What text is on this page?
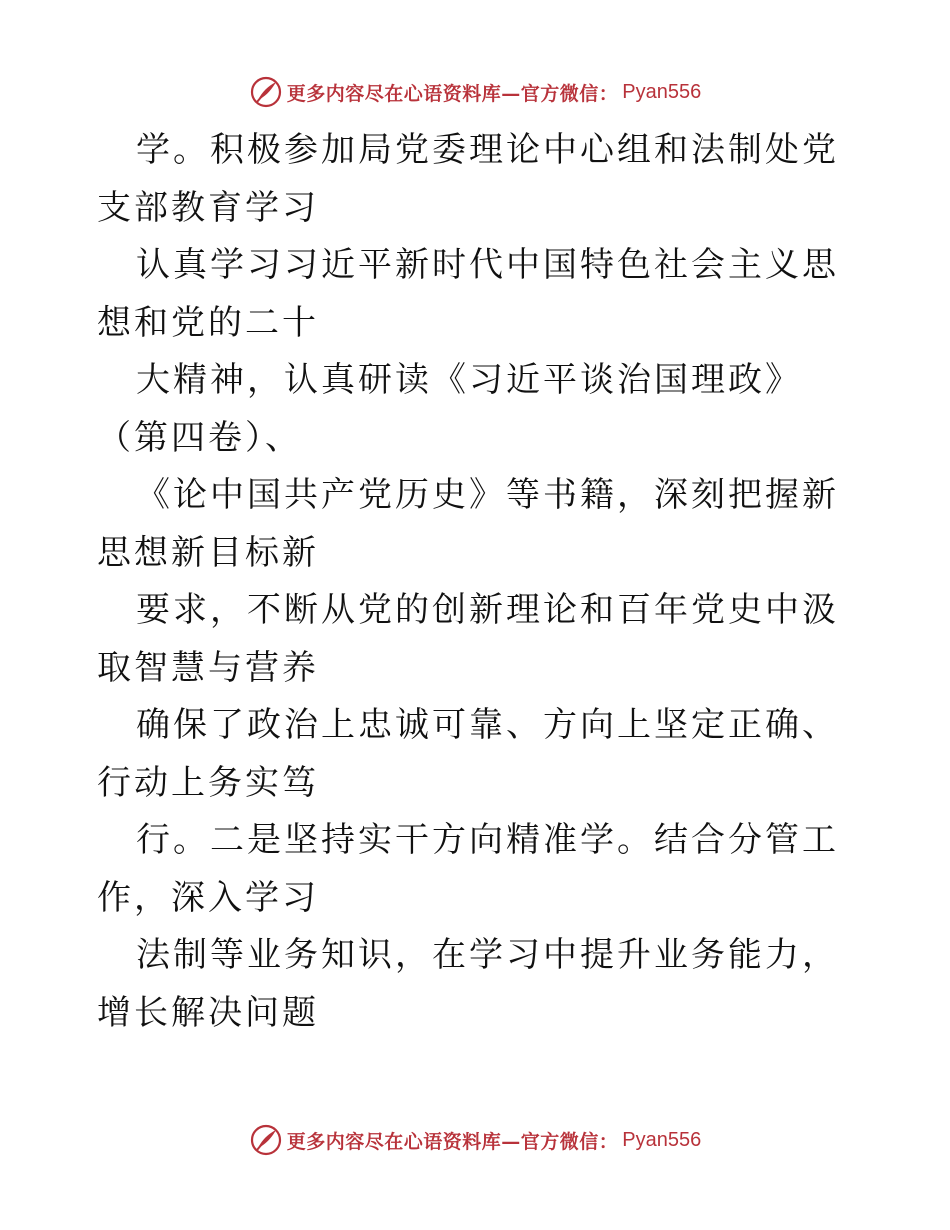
更多内容尽在心语资料库—官方微信： Pyan556

学。积极参加局党委理论中心组和法制处党支部教育学习

认真学习习近平新时代中国特色社会主义思想和党的二十

大精神，认真研读《习近平谈治国理政》（第四卷）、

《论中国共产党历史》等书籍，深刻把握新思想新目标新

要求，不断从党的创新理论和百年党史中汲取智慧与营养

确保了政治上忠诚可靠、方向上坚定正确、行动上务实笃

行。二是坚持实干方向精准学。结合分管工作，深入学习

法制等业务知识，在学习中提升业务能力，增长解决问题

更多内容尽在心语资料库—官方微信： Pyan556
